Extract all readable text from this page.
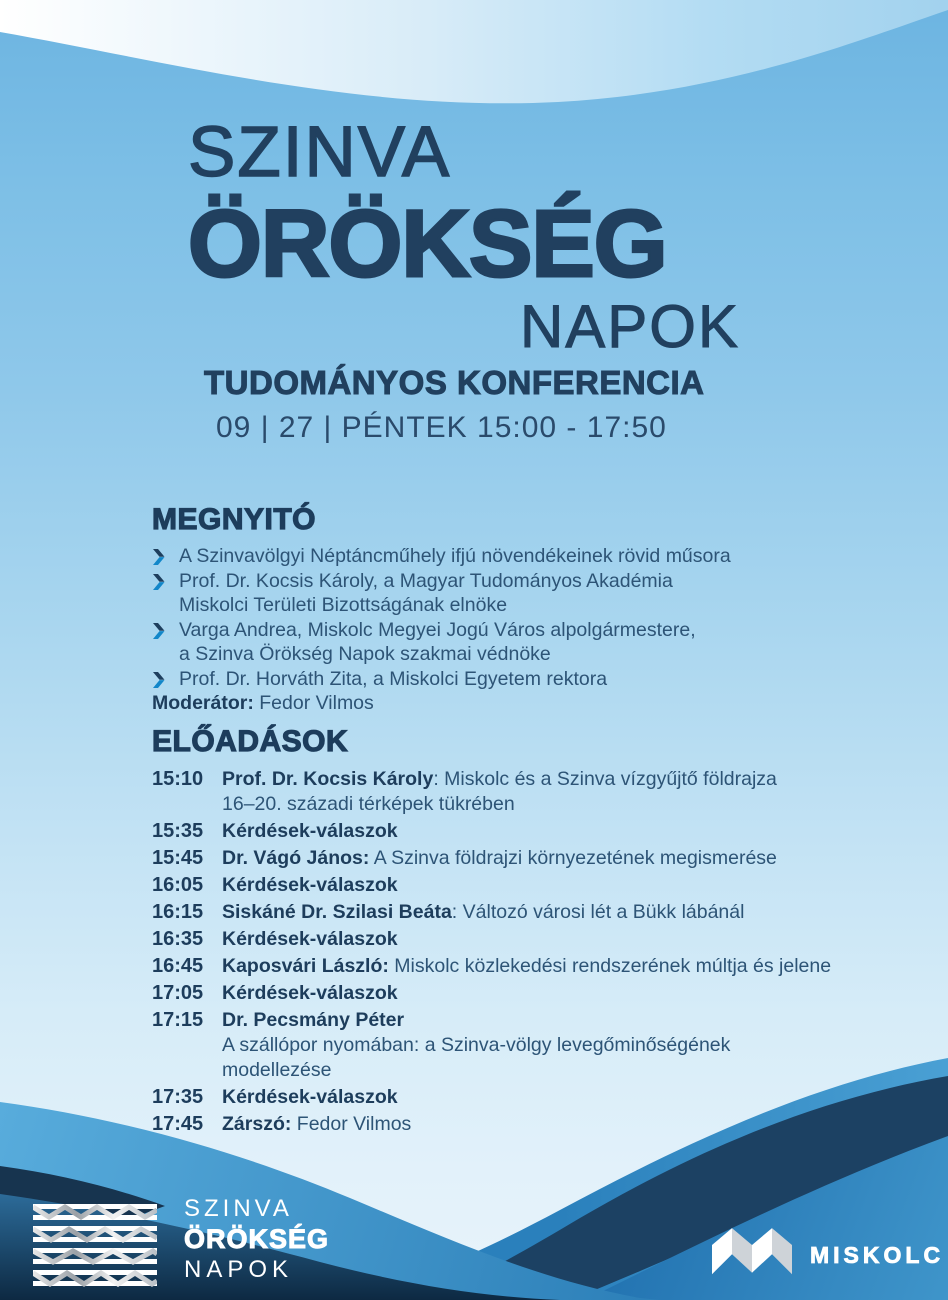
SZINVA
ÖRÖKSÉG
NAPOK
TUDOMÁNYOS KONFERENCIA
09 | 27 | PÉNTEK 15:00 - 17:50
MEGNYITÓ
A Szinvavölgyi Néptáncműhely ifjú növendékeinek rövid műsora
Prof. Dr. Kocsis Károly, a Magyar Tudományos Akadémia
Miskolci Területi Bizottságának elnöke
Varga Andrea, Miskolc Megyei Jogú Város alpolgármestere,
a Szinva Örökség Napok szakmai védnöke
Prof. Dr. Horváth Zita, a Miskolci Egyetem rektora
Moderátor: Fedor Vilmos
ELŐADÁSOK
15:10 Prof. Dr. Kocsis Károly: Miskolc és a Szinva vízgyűjtő földrajza
16–20. századi térképek tükrében
15:35 Kérdések-válaszok
15:45 Dr. Vágó János: A Szinva földrajzi környezetének megismerése
16:05 Kérdések-válaszok
16:15 Siskáné Dr. Szilasi Beáta: Változó városi lét a Bükk lábánál
16:35 Kérdések-válaszok
16:45 Kaposvári László: Miskolc közlekedési rendszerének múltja és jelene
17:05 Kérdések-válaszok
17:15 Dr. Pecsmány Péter
A szállópor nyomában: a Szinva-völgy levegőminőségének modellezése
17:35 Kérdések-válaszok
17:45 Zárszó: Fedor Vilmos
SZINVA
ÖRÖKSÉG
NAPOK
MISKOLC
